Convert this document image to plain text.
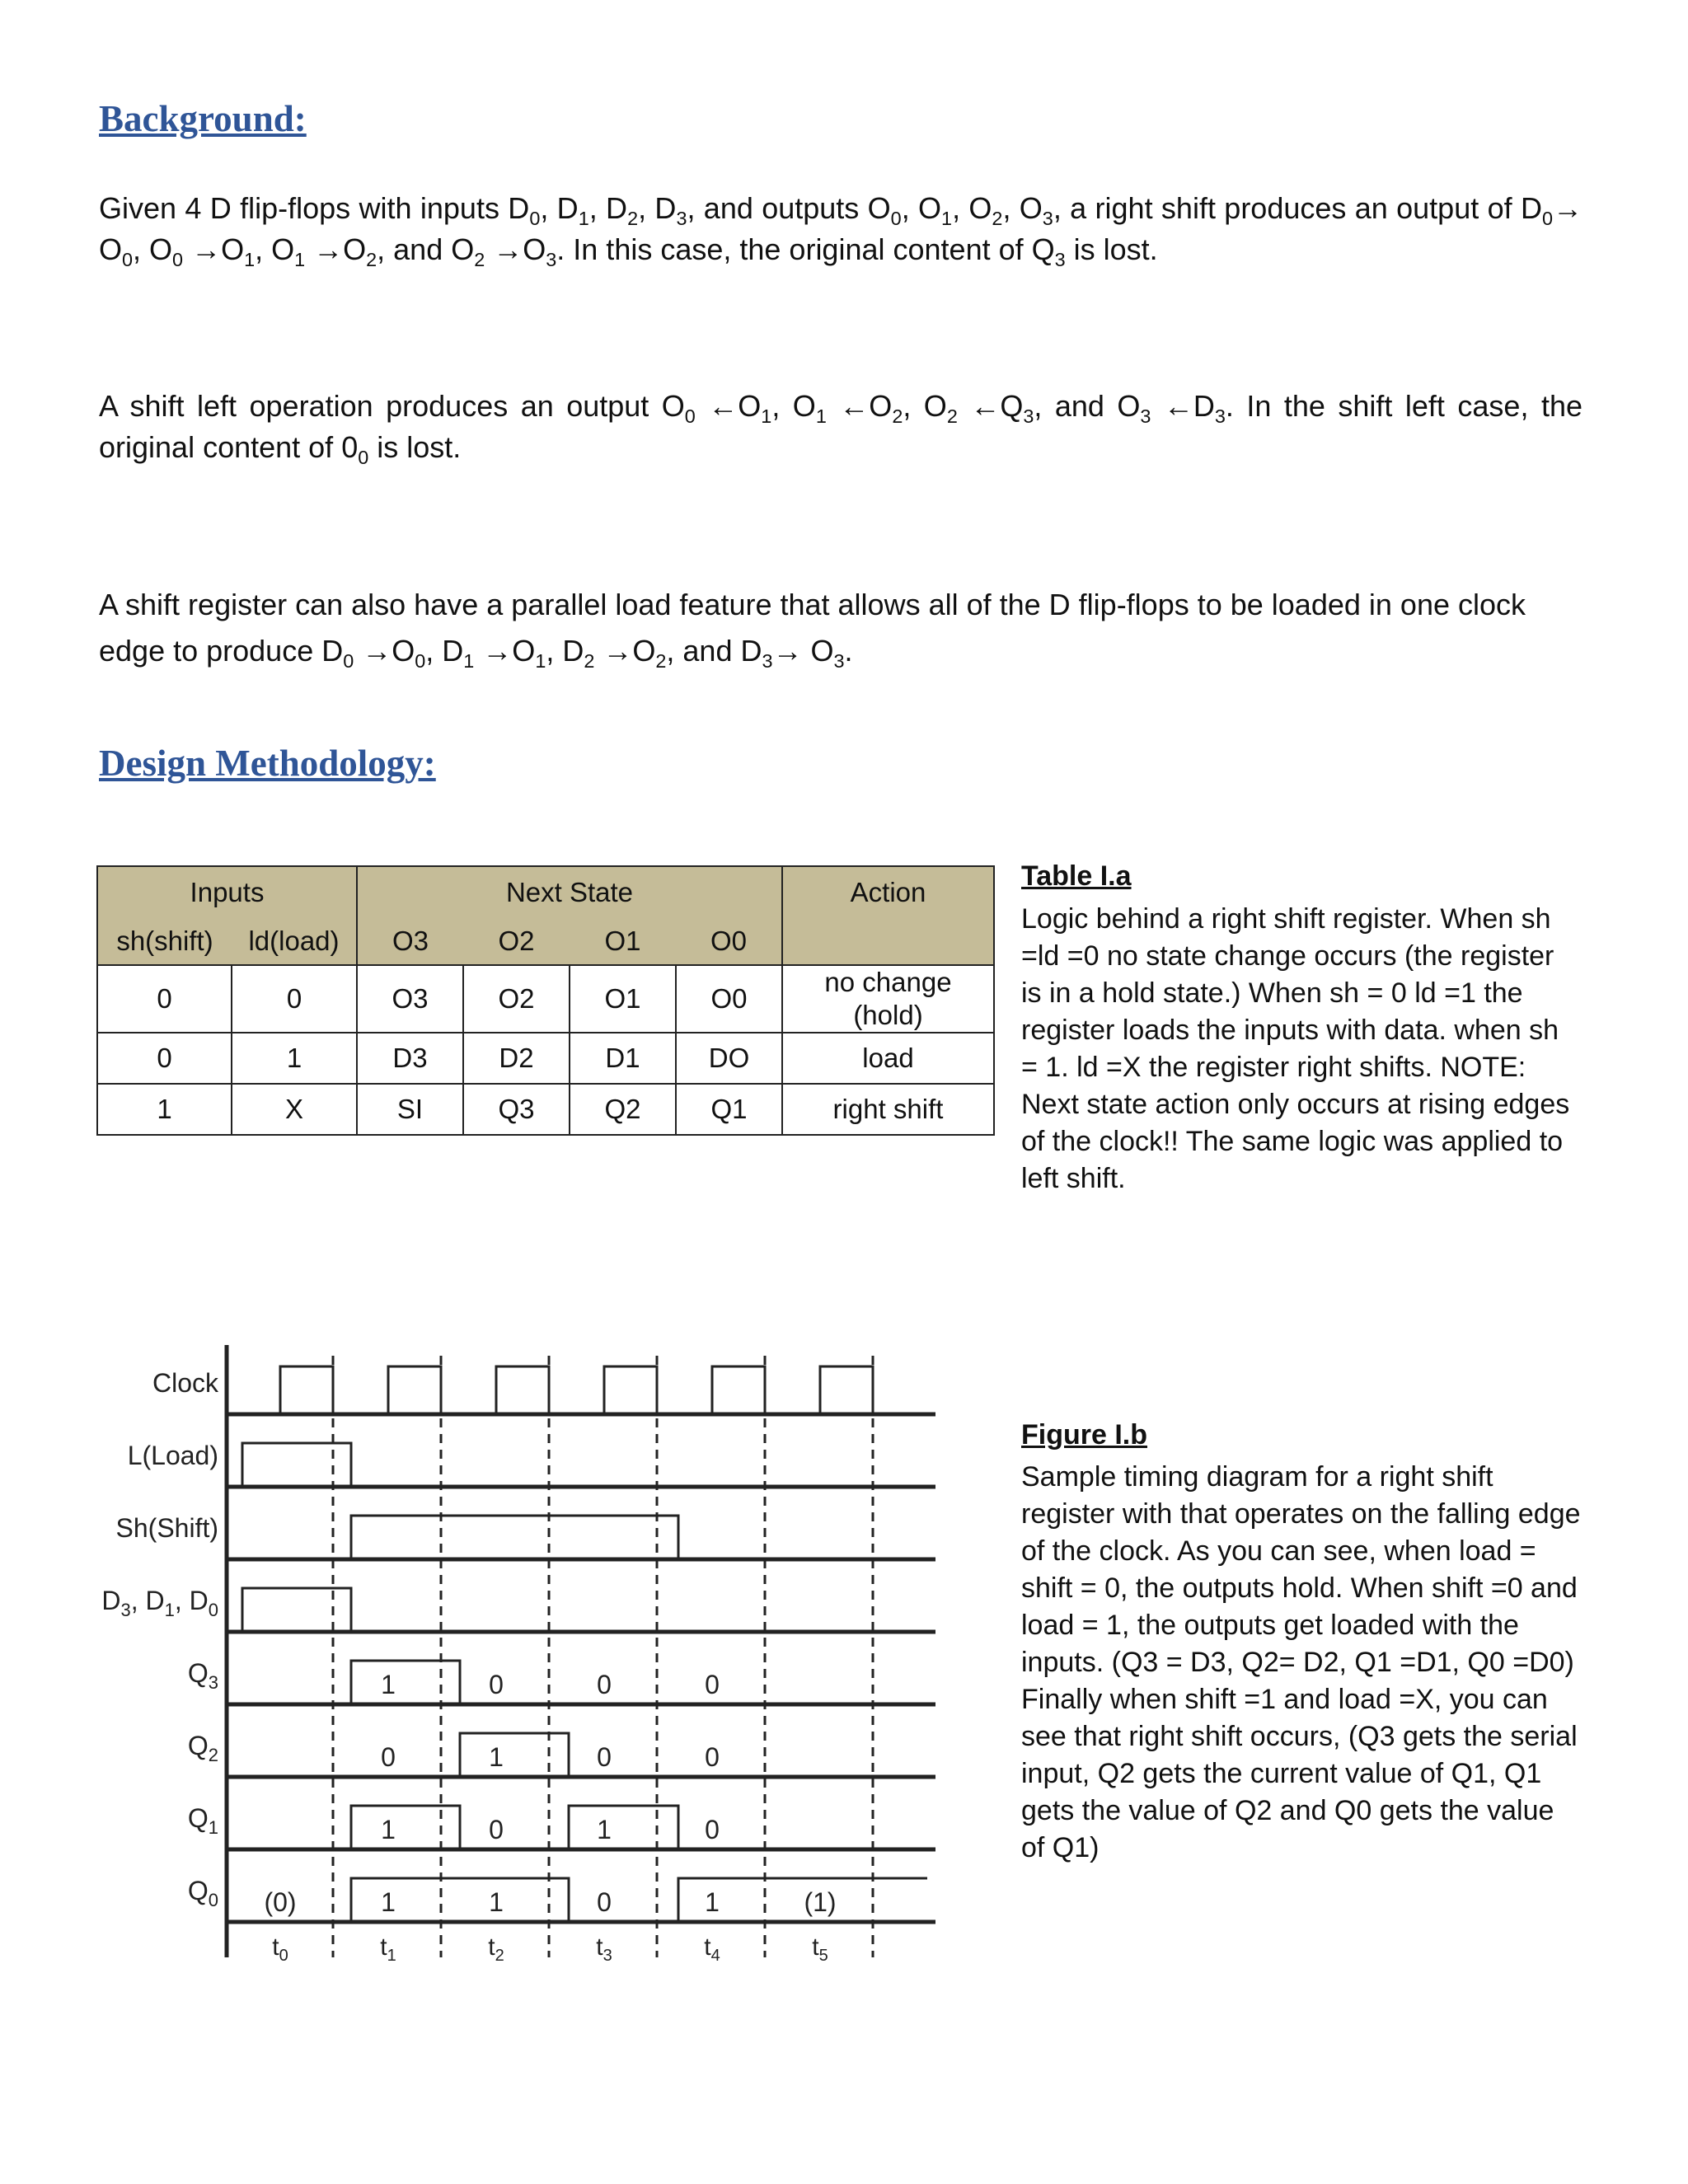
Background:

Given 4 D flip-flops with inputs $D_0$, $D_1$, $D_2$, $D_3$, and outputs $O_0$, $O_1$, $O_2$, $O_3$, a right shift produces an output of $D_0\to O_0$, $O_0 \to O_1$, $O_1 \to O_2$, and $O_2 \to O_3$. In this case, the original content of $Q_3$ is lost.

A shift left operation produces an output $O_0$ $\leftarrow O_1$, $O_1$ $\leftarrow O_2$, $O_2$ $\leftarrow Q_3$, and $O_3$ $\leftarrow D_3$. In the shift left case, the original content of $0_0$ is lost.

A shift register can also have a parallel load feature that allows all of the D flip-flops to be loaded in one clock edge to produce $D_0 \to O_0$, $D_1 \to O_1$, $D_2 \to O_2$, and $D_3\to O_3$.

Design Methodology:
Inputs		Next State				Action
sh(shift)	ld(load)	O3	O2	O1	O0	
0	0	O3	O2	O1	O0	no change
(hold)

0	1	D3	D2	D1	DO	load
1	X	SI	Q3	Q2	Q1	right shift

Table I.a

Logic behind a right shift register. When sh =ld =0 no state change occurs (the register is in a hold state.) When sh = 0 ld =1 the register loads the inputs with data. when sh = 1. ld =X the register right shifts. NOTE: Next state action only occurs at rising edges of the clock!! The same logic was applied to left shift.

Figure I.b

Sample timing diagram for a right shift register with that operates on the falling edge of the clock. As you can see, when load = shift = 0, the outputs hold. When shift =0 and load = 1, the outputs get loaded with the inputs. (Q3 = D3, Q2= D2, Q1 =D1, Q0 =D0) Finally when shift =1 and load =X, you can see that right shift occurs, (Q3 gets the serial input, Q2 gets the current value of Q1, Q1 gets the value of Q2 and Q0 gets the value of Q1)

Clock
L(Load)
Sh(Shift)
$D_3$, $D_1$, $D_0$
$Q_3$
$Q_2$
$Q_1$
$Q_0$
1	0	0	0
0	1	0	0
1	0	1	0
(0)	1	1	0	1	(1)
$t_0$	$t_1$	$t_2$	$t_3$	$t_4$	$t_5$
